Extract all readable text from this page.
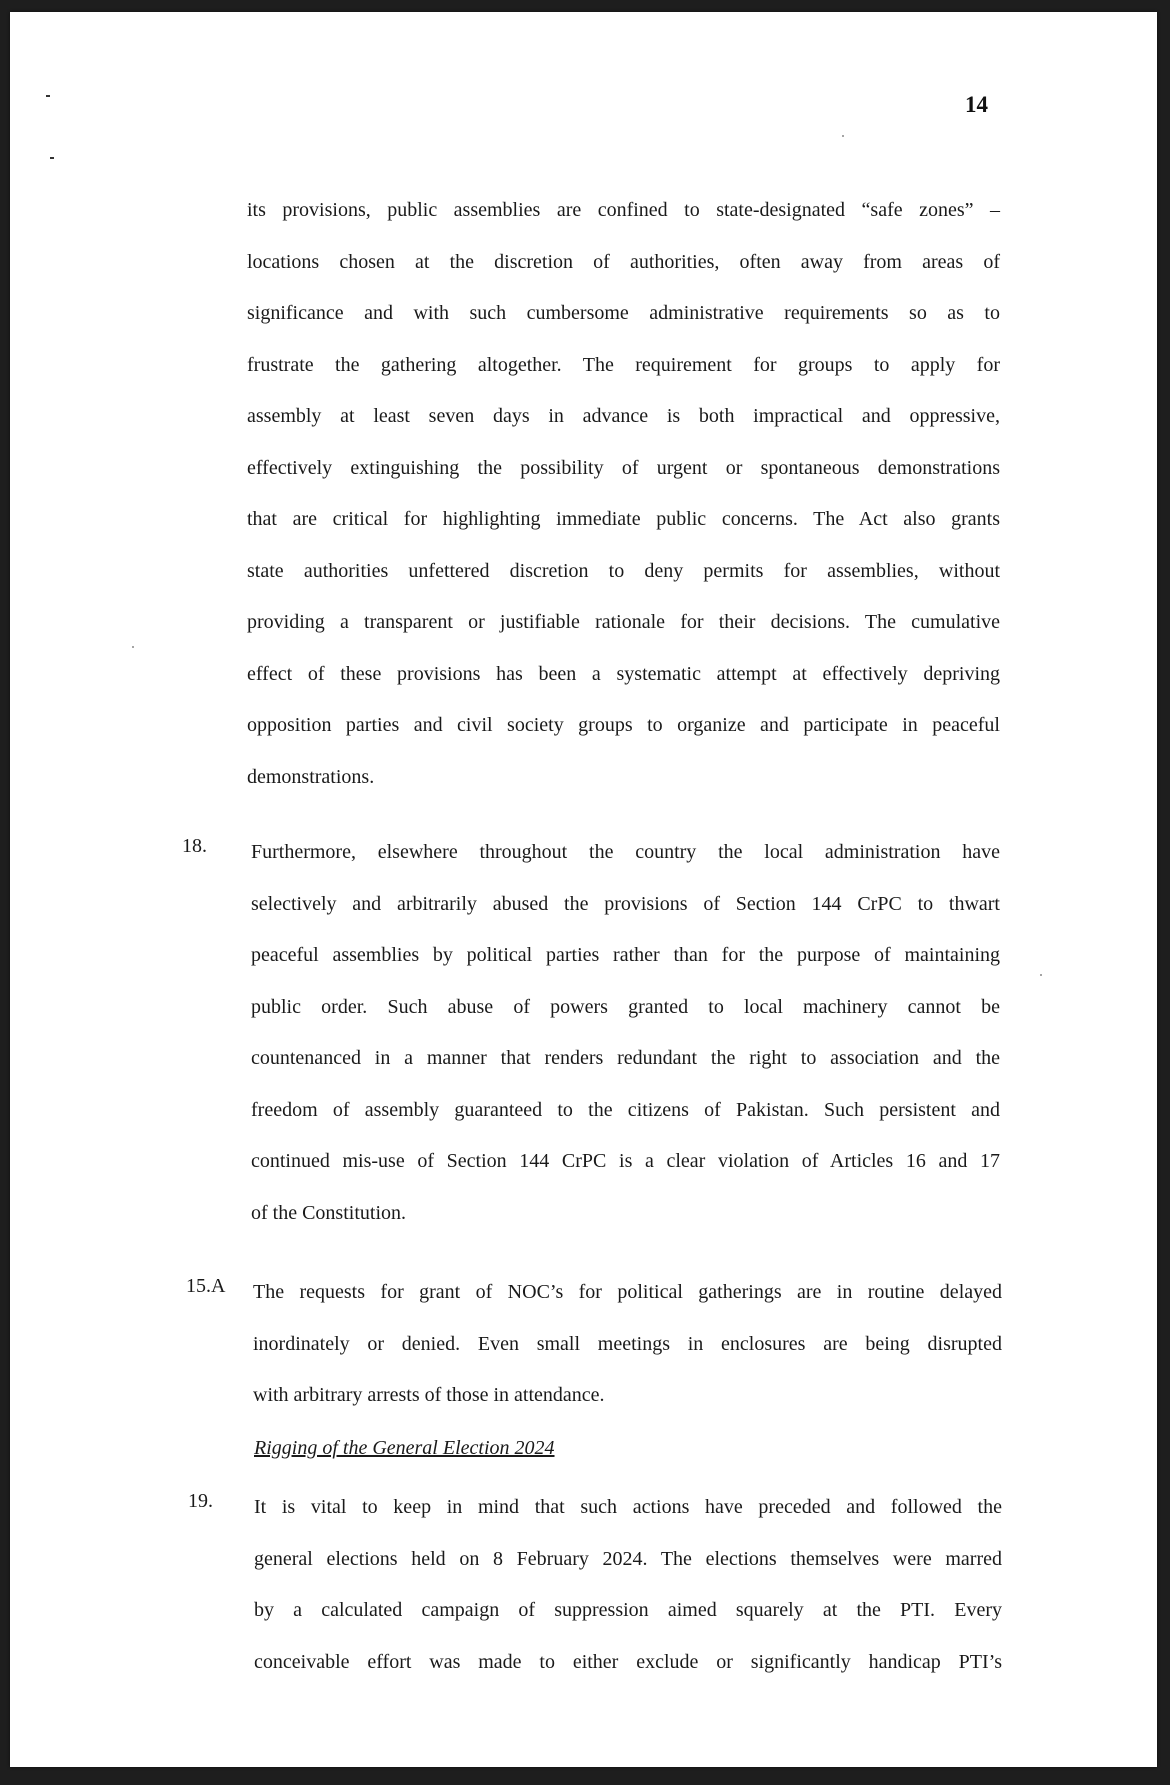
14
its provisions, public assemblies are confined to state-designated “safe zones” –
locations chosen at the discretion of authorities, often away from areas of
significance and with such cumbersome administrative requirements so as to
frustrate the gathering altogether. The requirement for groups to apply for
assembly at least seven days in advance is both impractical and oppressive,
effectively extinguishing the possibility of urgent or spontaneous demonstrations
that are critical for highlighting immediate public concerns. The Act also grants
state authorities unfettered discretion to deny permits for assemblies, without
providing a transparent or justifiable rationale for their decisions. The cumulative
effect of these provisions has been a systematic attempt at effectively depriving
opposition parties and civil society groups to organize and participate in peaceful
demonstrations.
18. Furthermore, elsewhere throughout the country the local administration have
selectively and arbitrarily abused the provisions of Section 144 CrPC to thwart
peaceful assemblies by political parties rather than for the purpose of maintaining
public order. Such abuse of powers granted to local machinery cannot be
countenanced in a manner that renders redundant the right to association and the
freedom of assembly guaranteed to the citizens of Pakistan. Such persistent and
continued mis-use of Section 144 CrPC is a clear violation of Articles 16 and 17
of the Constitution.
15.A The requests for grant of NOC’s for political gatherings are in routine delayed
inordinately or denied. Even small meetings in enclosures are being disrupted
with arbitrary arrests of those in attendance.
Rigging of the General Election 2024
19. It is vital to keep in mind that such actions have preceded and followed the
general elections held on 8 February 2024. The elections themselves were marred
by a calculated campaign of suppression aimed squarely at the PTI. Every
conceivable effort was made to either exclude or significantly handicap PTI’s
